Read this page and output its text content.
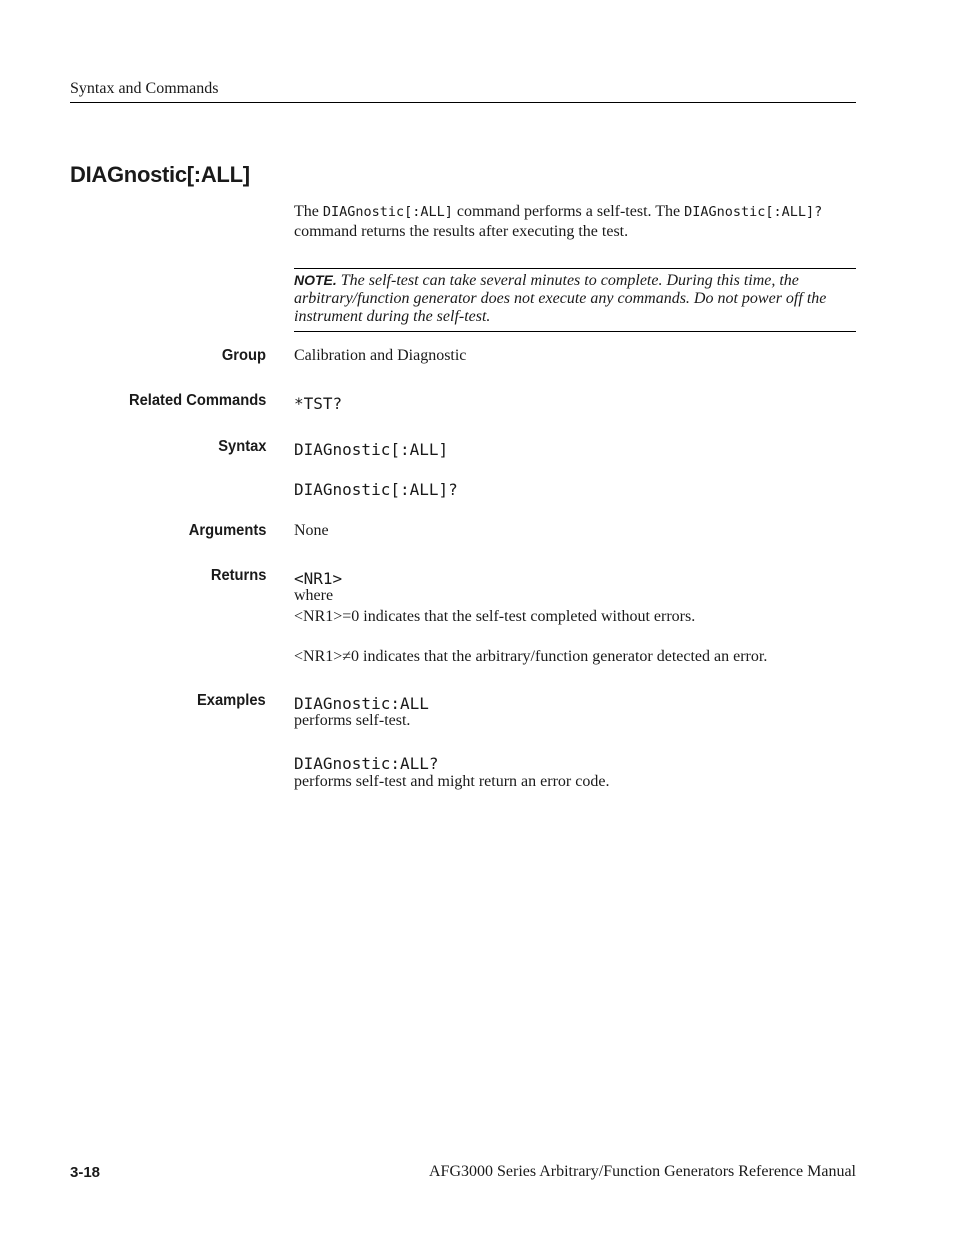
Syntax and Commands
DIAGnostic[:ALL]
The DIAGnostic[:ALL] command performs a self-test. The DIAGnostic[:ALL]? command returns the results after executing the test.
NOTE. The self-test can take several minutes to complete. During this time, the arbitrary/function generator does not execute any commands. Do not power off the instrument during the self-test.
Group Calibration and Diagnostic
Related Commands *TST?
Syntax DIAGnostic[:ALL]
DIAGnostic[:ALL]?
Arguments None
Returns <NR1>
where
<NR1>=0 indicates that the self-test completed without errors.
<NR1>≠0 indicates that the arbitrary/function generator detected an error.
Examples DIAGnostic:ALL
performs self-test.
DIAGnostic:ALL?
performs self-test and might return an error code.
3-18	AFG3000 Series Arbitrary/Function Generators Reference Manual
